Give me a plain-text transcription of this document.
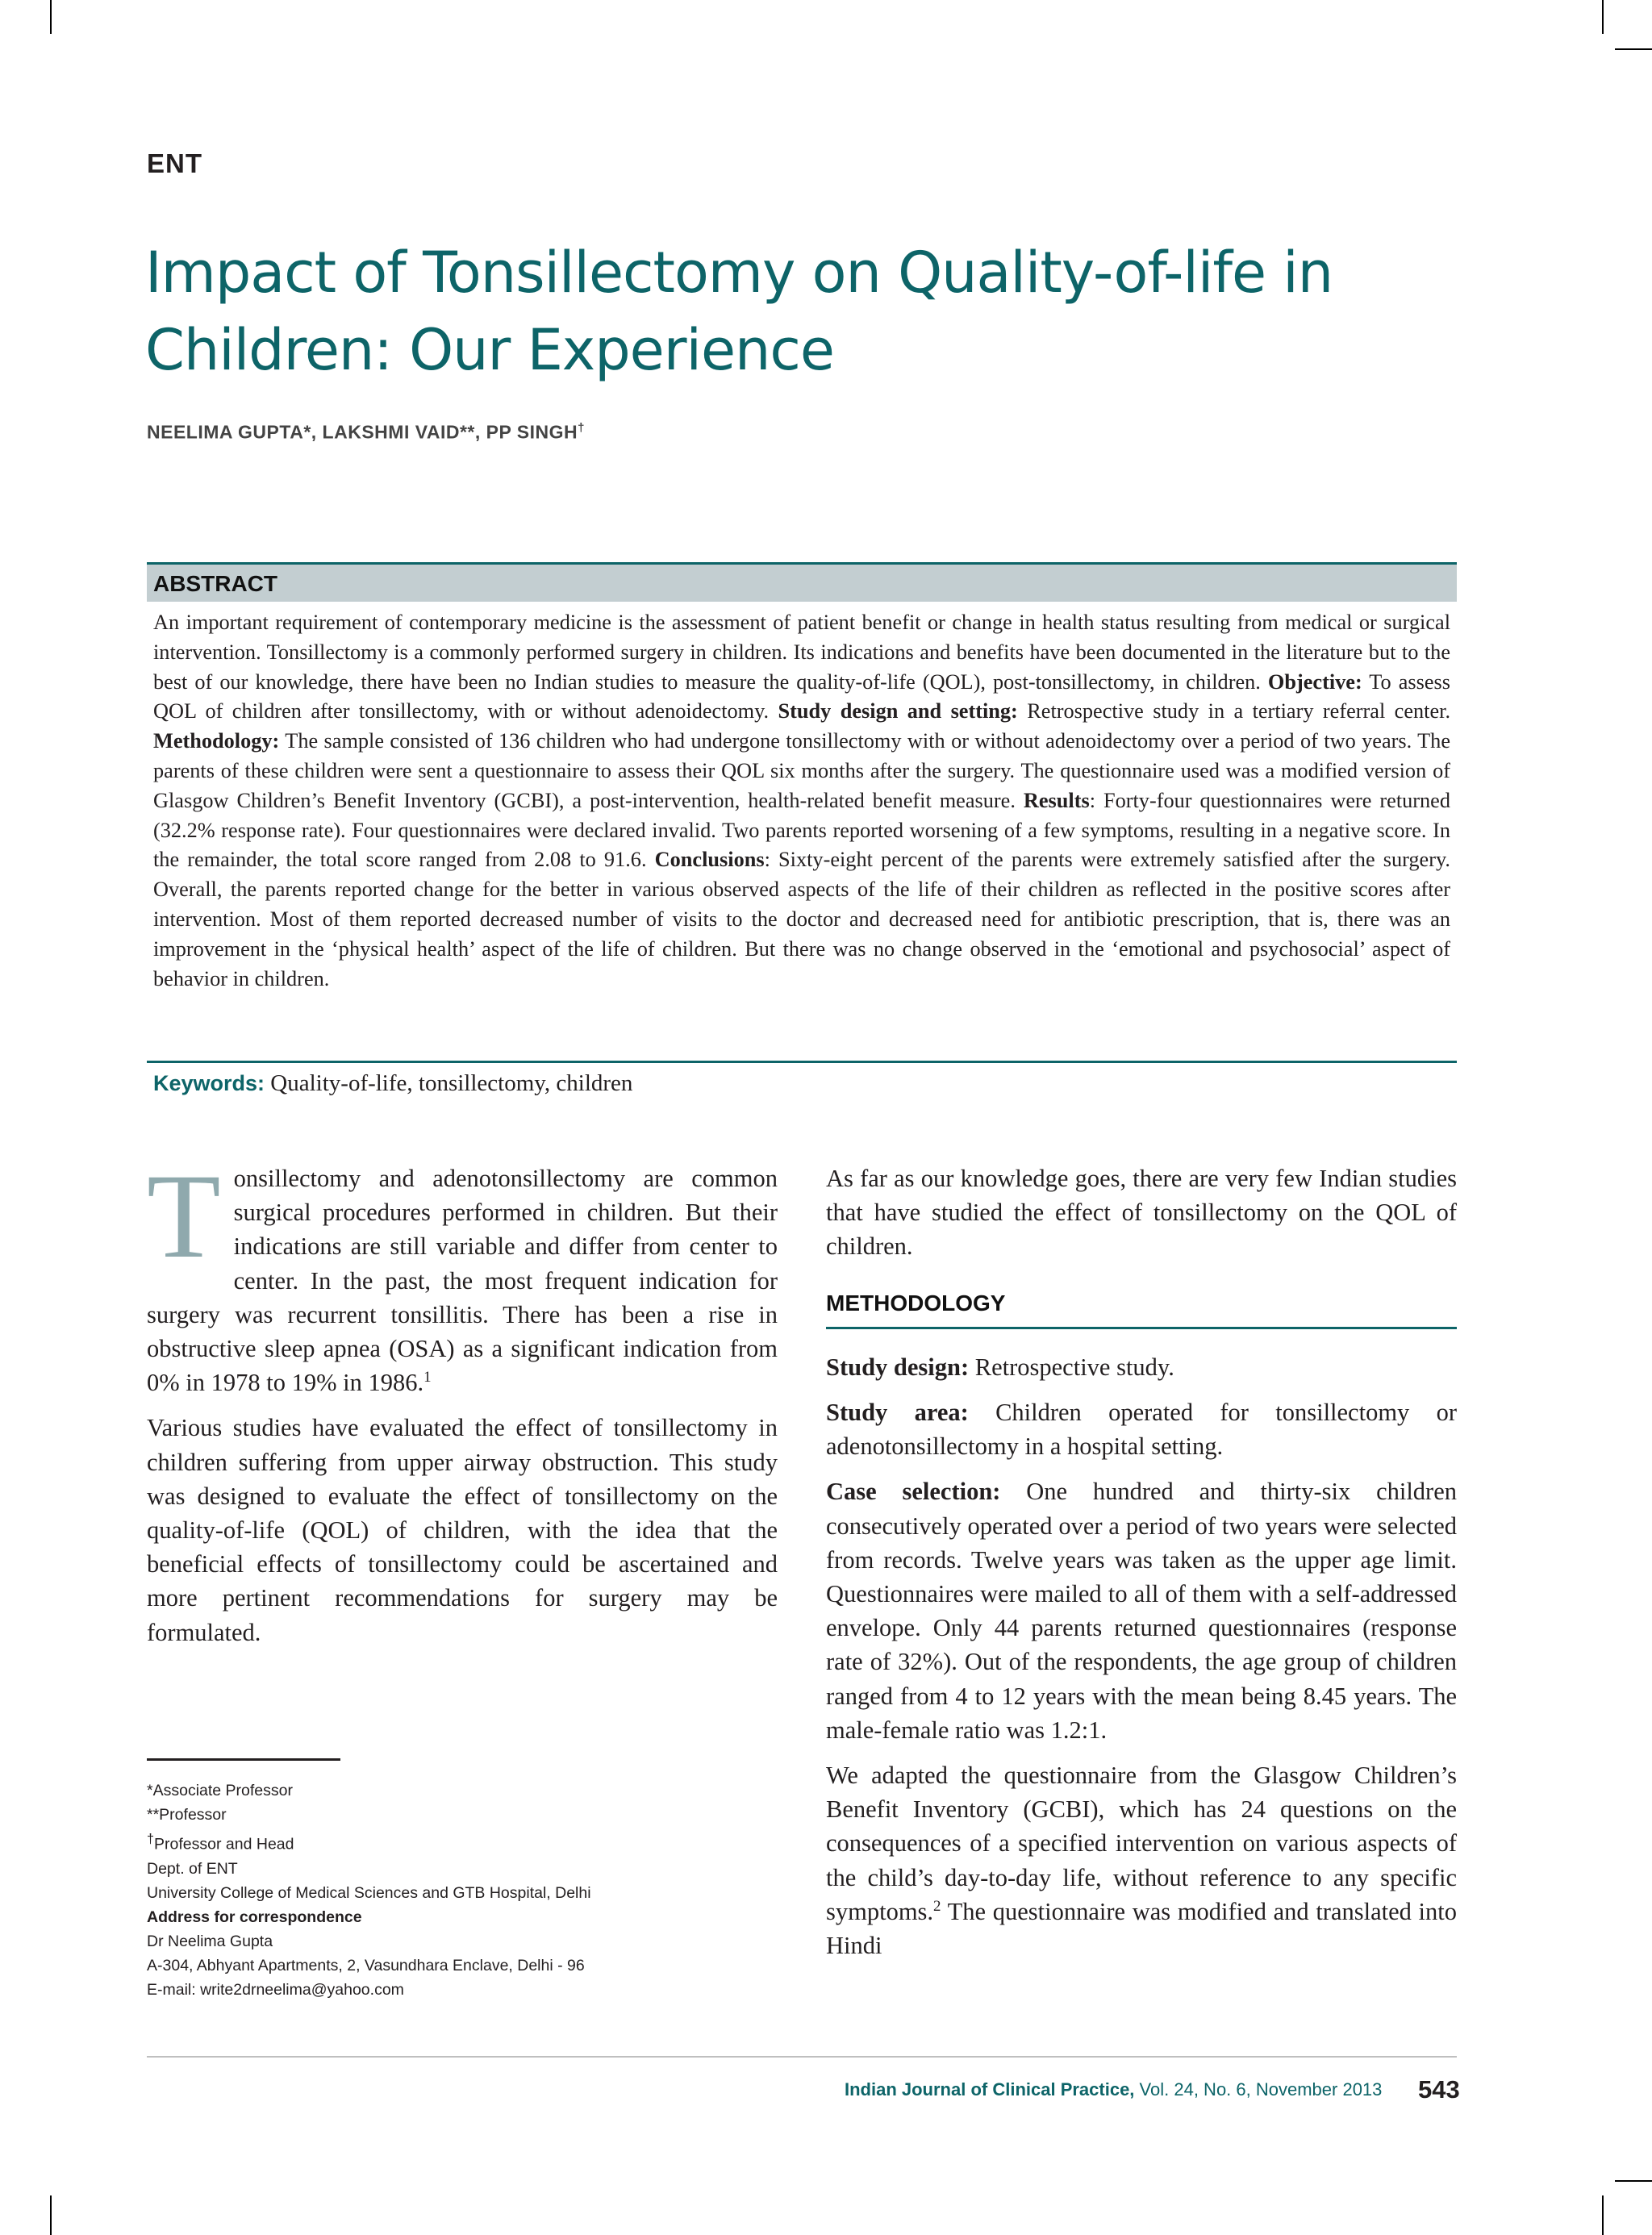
ENT
Impact of Tonsillectomy on Quality-of-life in Children: Our Experience
NEELIMA GUPTA*, LAKSHMI VAID**, PP SINGH†
ABSTRACT
An important requirement of contemporary medicine is the assessment of patient benefit or change in health status resulting from medical or surgical intervention. Tonsillectomy is a commonly performed surgery in children. Its indications and benefits have been documented in the literature but to the best of our knowledge, there have been no Indian studies to measure the quality-of-life (QOL), post-tonsillectomy, in children. Objective: To assess QOL of children after tonsillectomy, with or without adenoidectomy. Study design and setting: Retrospective study in a tertiary referral center. Methodology: The sample consisted of 136 children who had undergone tonsillectomy with or without adenoidectomy over a period of two years. The parents of these children were sent a questionnaire to assess their QOL six months after the surgery. The questionnaire used was a modified version of Glasgow Children’s Benefit Inventory (GCBI), a post-intervention, health-related benefit measure. Results: Forty-four questionnaires were returned (32.2% response rate). Four questionnaires were declared invalid. Two parents reported worsening of a few symptoms, resulting in a negative score. In the remainder, the total score ranged from 2.08 to 91.6. Conclusions: Sixty-eight percent of the parents were extremely satisfied after the surgery. Overall, the parents reported change for the better in various observed aspects of the life of their children as reflected in the positive scores after intervention. Most of them reported decreased number of visits to the doctor and decreased need for antibiotic prescription, that is, there was an improvement in the ‘physical health’ aspect of the life of children. But there was no change observed in the ‘emotional and psychosocial’ aspect of behavior in children.
Keywords: Quality-of-life, tonsillectomy, children

Tonsillectomy and adenotonsillectomy are common surgical procedures performed in children. But their indications are still variable and differ from center to center. In the past, the most frequent indication for surgery was recurrent tonsillitis. There has been a rise in obstructive sleep apnea (OSA) as a significant indication from 0% in 1978 to 19% in 1986.$^1$

Various studies have evaluated the effect of tonsillectomy in children suffering from upper airway obstruction. This study was designed to evaluate the effect of tonsillectomy on the quality-of-life (QOL) of children, with the idea that the beneficial effects of tonsillectomy could be ascertained and more pertinent recommendations for surgery may be formulated.

As far as our knowledge goes, there are very few Indian studies that have studied the effect of tonsillectomy on the QOL of children.

METHODOLOGY

Study design: Retrospective study.

Study area: Children operated for tonsillectomy or adenotonsillectomy in a hospital setting.

Case selection: One hundred and thirty-six children consecutively operated over a period of two years were selected from records. Twelve years was taken as the upper age limit. Questionnaires were mailed to all of them with a self-addressed envelope. Only 44 parents returned questionnaires (response rate of 32%). Out of the respondents, the age group of children ranged from 4 to 12 years with the mean being 8.45 years. The male-female ratio was 1.2:1.

We adapted the questionnaire from the Glasgow Children’s Benefit Inventory (GCBI), which has 24 questions on the consequences of a specified intervention on various aspects of the child’s day-to-day life, without reference to any specific symptoms.$^2$ The questionnaire was modified and translated into Hindi

*Associate Professor
**Professor
†Professor and Head
Dept. of ENT
University College of Medical Sciences and GTB Hospital, Delhi
Address for correspondence
Dr Neelima Gupta
A-304, Abhyant Apartments, 2, Vasundhara Enclave, Delhi - 96
E-mail: write2drneelima@yahoo.com
Indian Journal of Clinical Practice, Vol. 24, No. 6, November 2013 543
